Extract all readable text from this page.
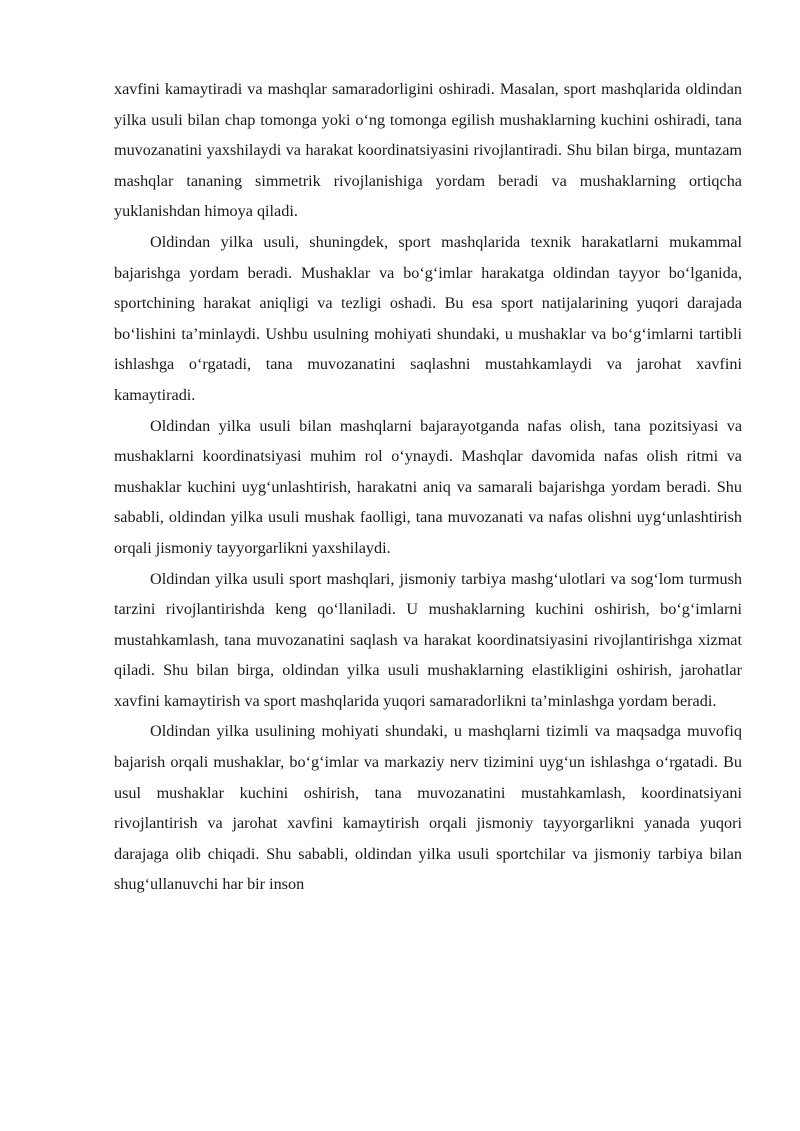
xavfini kamaytiradi va mashqlar samaradorligini oshiradi. Masalan, sport mashqlarida oldindan yilka usuli bilan chap tomonga yoki o‘ng tomonga egilish mushaklarning kuchini oshiradi, tana muvozanatini yaxshilaydi va harakat koordinatsiyasini rivojlantiradi. Shu bilan birga, muntazam mashqlar tananing simmetrik rivojlanishiga yordam beradi va mushaklarning ortiqcha yuklanishdan himoya qiladi.

Oldindan yilka usuli, shuningdek, sport mashqlarida texnik harakatlarni mukammal bajarishga yordam beradi. Mushaklar va bo‘g‘imlar harakatga oldindan tayyor bo‘lganida, sportchining harakat aniqligi va tezligi oshadi. Bu esa sport natijalarining yuqori darajada bo‘lishini ta’minlaydi. Ushbu usulning mohiyati shundaki, u mushaklar va bo‘g‘imlarni tartibli ishlashga o‘rgatadi, tana muvozanatini saqlashni mustahkamlaydi va jarohat xavfini kamaytiradi.

Oldindan yilka usuli bilan mashqlarni bajarayotganda nafas olish, tana pozitsiyasi va mushaklarni koordinatsiyasi muhim rol o‘ynaydi. Mashqlar davomida nafas olish ritmi va mushaklar kuchini uyg‘unlashtirish, harakatni aniq va samarali bajarishga yordam beradi. Shu sababli, oldindan yilka usuli mushak faolligi, tana muvozanati va nafas olishni uyg‘unlashtirish orqali jismoniy tayyorgarlikni yaxshilaydi.

Oldindan yilka usuli sport mashqlari, jismoniy tarbiya mashg‘ulotlari va sog‘lom turmush tarzini rivojlantirishda keng qo‘llaniladi. U mushaklarning kuchini oshirish, bo‘g‘imlarni mustahkamlash, tana muvozanatini saqlash va harakat koordinatsiyasini rivojlantirishga xizmat qiladi. Shu bilan birga, oldindan yilka usuli mushaklarning elastikligini oshirish, jarohatlar xavfini kamaytirish va sport mashqlarida yuqori samaradorlikni ta’minlashga yordam beradi.

Oldindan yilka usulining mohiyati shundaki, u mashqlarni tizimli va maqsadga muvofiq bajarish orqali mushaklar, bo‘g‘imlar va markaziy nerv tizimini uyg‘un ishlashga o‘rgatadi. Bu usul mushaklar kuchini oshirish, tana muvozanatini mustahkamlash, koordinatsiyani rivojlantirish va jarohat xavfini kamaytirish orqali jismoniy tayyorgarlikni yanada yuqori darajaga olib chiqadi. Shu sababli, oldindan yilka usuli sportchilar va jismoniy tarbiya bilan shug‘ullanuvchi har bir inson
